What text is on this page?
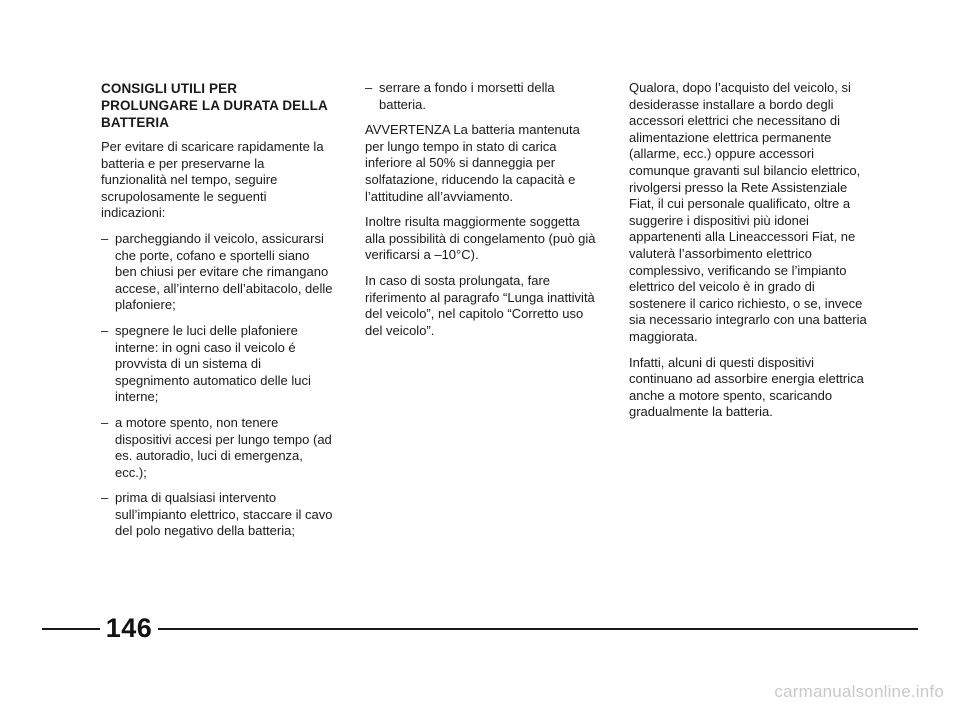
CONSIGLI UTILI PER PROLUNGARE LA DURATA DELLA BATTERIA
Per evitare di scaricare rapidamente la batteria e per preservarne la funzionalità nel tempo, seguire scrupolosamente le seguenti indicazioni:
– parcheggiando il veicolo, assicurarsi che porte, cofano e sportelli siano ben chiusi per evitare che rimangano accese, all’interno dell’abitacolo, delle plafoniere;
– spegnere le luci delle plafoniere interne: in ogni caso il veicolo é provvista di un sistema di spegnimento automatico delle luci interne;
– a motore spento, non tenere dispositivi accesi per lungo tempo (ad es. autoradio, luci di emergenza, ecc.);
– prima di qualsiasi intervento sull’impianto elettrico, staccare il cavo del polo negativo della batteria;
– serrare a fondo i morsetti della batteria.
AVVERTENZA La batteria mantenuta per lungo tempo in stato di carica inferiore al 50% si danneggia per solfatazione, riducendo la capacità e l’attitudine all’avviamento.
Inoltre risulta maggiormente soggetta alla possibilità di congelamento (può già verificarsi a –10°C).
In caso di sosta prolungata, fare riferimento al paragrafo “Lunga inattività del veicolo”, nel capitolo “Corretto uso del veicolo”.
Qualora, dopo l’acquisto del veicolo, si desiderasse installare a bordo degli accessori elettrici che necessitano di alimentazione elettrica permanente (allarme, ecc.) oppure accessori comunque gravanti sul bilancio elettrico, rivolgersi presso la Rete Assistenziale Fiat, il cui personale qualificato, oltre a suggerire i dispositivi più idonei appartenenti alla Lineaccessori Fiat, ne valuterà l’assorbimento elettrico complessivo, verificando se l’impianto elettrico del veicolo è in grado di sostenere il carico richiesto, o se, invece sia necessario integrarlo con una batteria maggiorata.
Infatti, alcuni di questi dispositivi continuano ad assorbire energia elettrica anche a motore spento, scaricando gradualmente la batteria.
146
carmanualsonline.info
